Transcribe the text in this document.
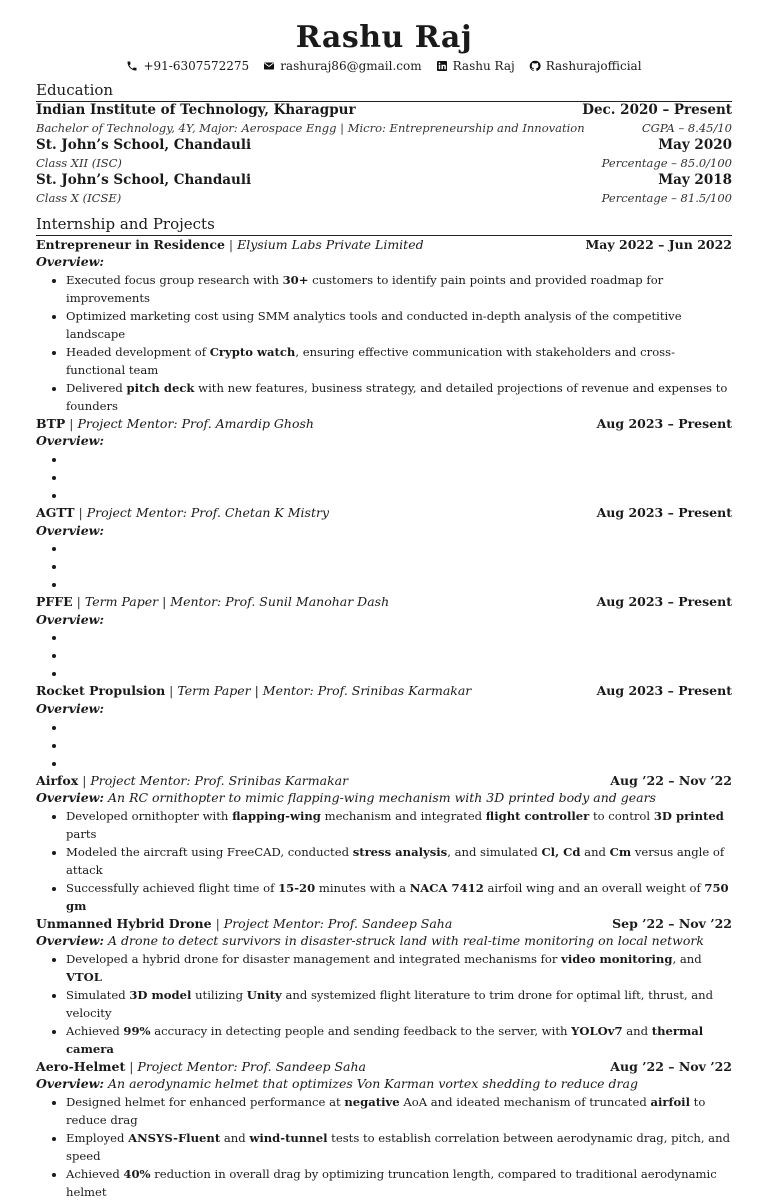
Rashu Raj
+91-6307572275	rashuraj86@gmail.com	Rashu Raj	Rashurajofficial
Education
Indian Institute of Technology, Kharagpur	Dec. 2020 – Present
Bachelor of Technology, 4Y, Major: Aerospace Engg | Micro: Entrepreneurship and Innovation	CGPA – 8.45/10
St. John’s School, Chandauli	May 2020
Class XII (ISC)	Percentage – 85.0/100
St. John’s School, Chandauli	May 2018
Class X (ICSE)	Percentage – 81.5/100
Internship and Projects
Entrepreneur in Residence | Elysium Labs Private Limited	May 2022 – Jun 2022
Overview:
• Executed focus group research with 30+ customers to identify pain points and provided roadmap for improvements
• Optimized marketing cost using SMM analytics tools and conducted in-depth analysis of the competitive landscape
• Headed development of Crypto watch, ensuring effective communication with stakeholders and cross-functional team
• Delivered pitch deck with new features, business strategy, and detailed projections of revenue and expenses to founders
BTP | Project Mentor: Prof. Amardip Ghosh	Aug 2023 – Present
Overview:
•
•
•
AGTT | Project Mentor: Prof. Chetan K Mistry	Aug 2023 – Present
Overview:
•
•
•
PFFE | Term Paper | Mentor: Prof. Sunil Manohar Dash	Aug 2023 – Present
Overview:
•
•
•
Rocket Propulsion | Term Paper | Mentor: Prof. Srinibas Karmakar	Aug 2023 – Present
Overview:
•
•
•
Airfox | Project Mentor: Prof. Srinibas Karmakar	Aug ’22 – Nov ’22
Overview: An RC ornithopter to mimic flapping-wing mechanism with 3D printed body and gears
• Developed ornithopter with flapping-wing mechanism and integrated flight controller to control 3D printed parts
• Modeled the aircraft using FreeCAD, conducted stress analysis, and simulated Cl, Cd and Cm versus angle of attack
• Successfully achieved flight time of 15-20 minutes with a NACA 7412 airfoil wing and an overall weight of 750 gm
Unmanned Hybrid Drone | Project Mentor: Prof. Sandeep Saha	Sep ’22 – Nov ’22
Overview: A drone to detect survivors in disaster-struck land with real-time monitoring on local network
• Developed a hybrid drone for disaster management and integrated mechanisms for video monitoring, and VTOL
• Simulated 3D model utilizing Unity and systemized flight literature to trim drone for optimal lift, thrust, and velocity
• Achieved 99% accuracy in detecting people and sending feedback to the server, with YOLOv7 and thermal camera
Aero-Helmet | Project Mentor: Prof. Sandeep Saha	Aug ’22 – Nov ’22
Overview: An aerodynamic helmet that optimizes Von Karman vortex shedding to reduce drag
• Designed helmet for enhanced performance at negative AoA and ideated mechanism of truncated airfoil to reduce drag
• Employed ANSYS-Fluent and wind-tunnel tests to establish correlation between aerodynamic drag, pitch, and speed
• Achieved 40% reduction in overall drag by optimizing truncation length, compared to traditional aerodynamic helmet
